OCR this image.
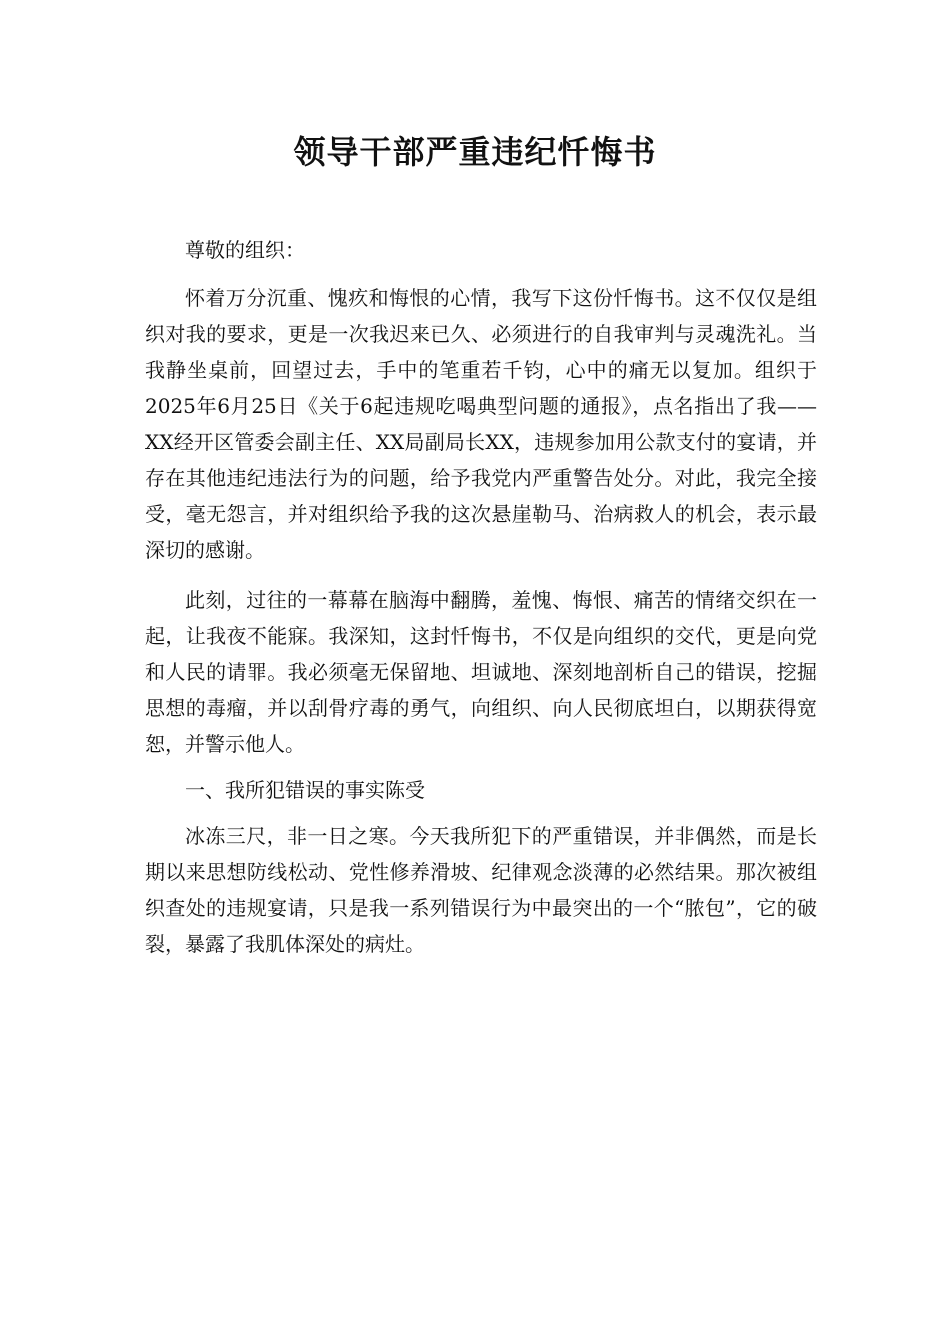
领导干部严重违纪忏悔书

尊敬的组织：

怀着万分沉重、愧疚和悔恨的心情，我写下这份忏悔书。这不仅仅是组织对我的要求，更是一次我迟来已久、必须进行的自我审判与灵魂洗礼。当我静坐桌前，回望过去，手中的笔重若千钧，心中的痛无以复加。组织于2025年6月25日《关于6起违规吃喝典型问题的通报》，点名指出了我——XX经开区管委会副主任、XX局副局长XX，违规参加用公款支付的宴请，并存在其他违纪违法行为的问题，给予我党内严重警告处分。对此，我完全接受，毫无怨言，并对组织给予我的这次悬崖勒马、治病救人的机会，表示最深切的感谢。

此刻，过往的一幕幕在脑海中翻腾，羞愧、悔恨、痛苦的情绪交织在一起，让我夜不能寐。我深知，这封忏悔书，不仅是向组织的交代，更是向党和人民的请罪。我必须毫无保留地、坦诚地、深刻地剖析自己的错误，挖掘思想的毒瘤，并以刮骨疗毒的勇气，向组织、向人民彻底坦白，以期获得宽恕，并警示他人。

一、我所犯错误的事实陈受

冰冻三尺，非一日之寒。今天我所犯下的严重错误，并非偶然，而是长期以来思想防线松动、党性修养滑坡、纪律观念淡薄的必然结果。那次被组织查处的违规宴请，只是我一系列错误行为中最突出的一个“脓包”，它的破裂，暴露了我肌体深处的病灶。
